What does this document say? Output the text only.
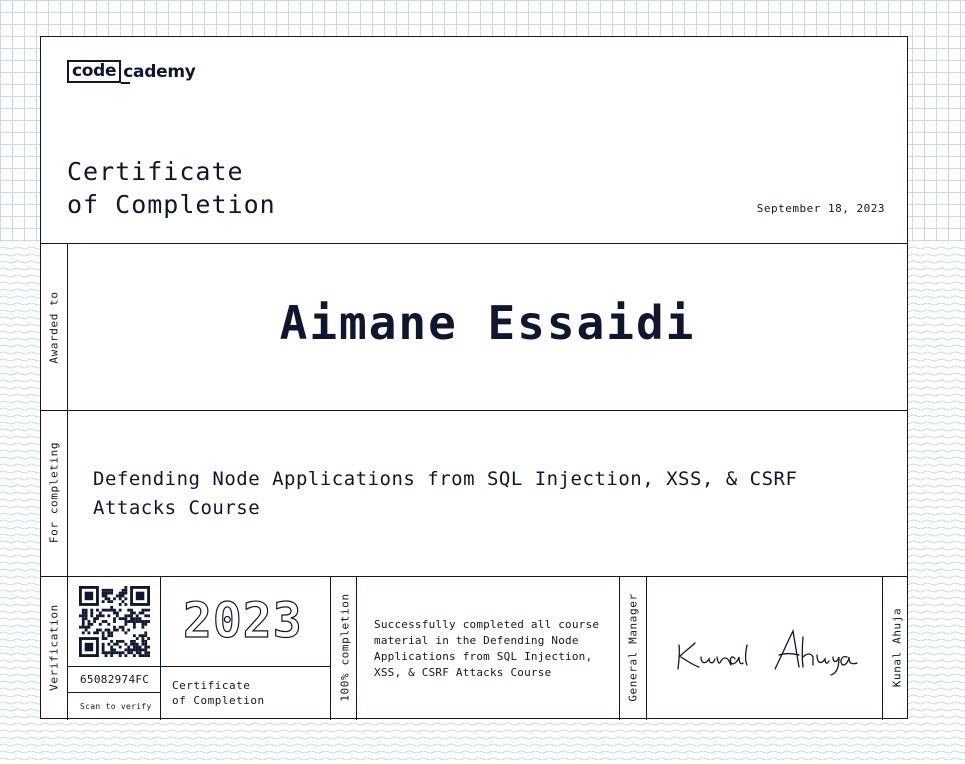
code cademy
Certificate
of Completion	September 18, 2023
Awarded to	Aimane Essaidi
For completing Defending Node Applications from SQL Injection, XSS, & CSRF Attacks Course
Verification 65082974FC
Scan to verify
2023
Certificate
of Completion	100% completion Successfully completed all course material in the Defending Node Applications from SQL Injection, XSS, & CSRF Attacks Course	General Manager	Kunal Ahuja
